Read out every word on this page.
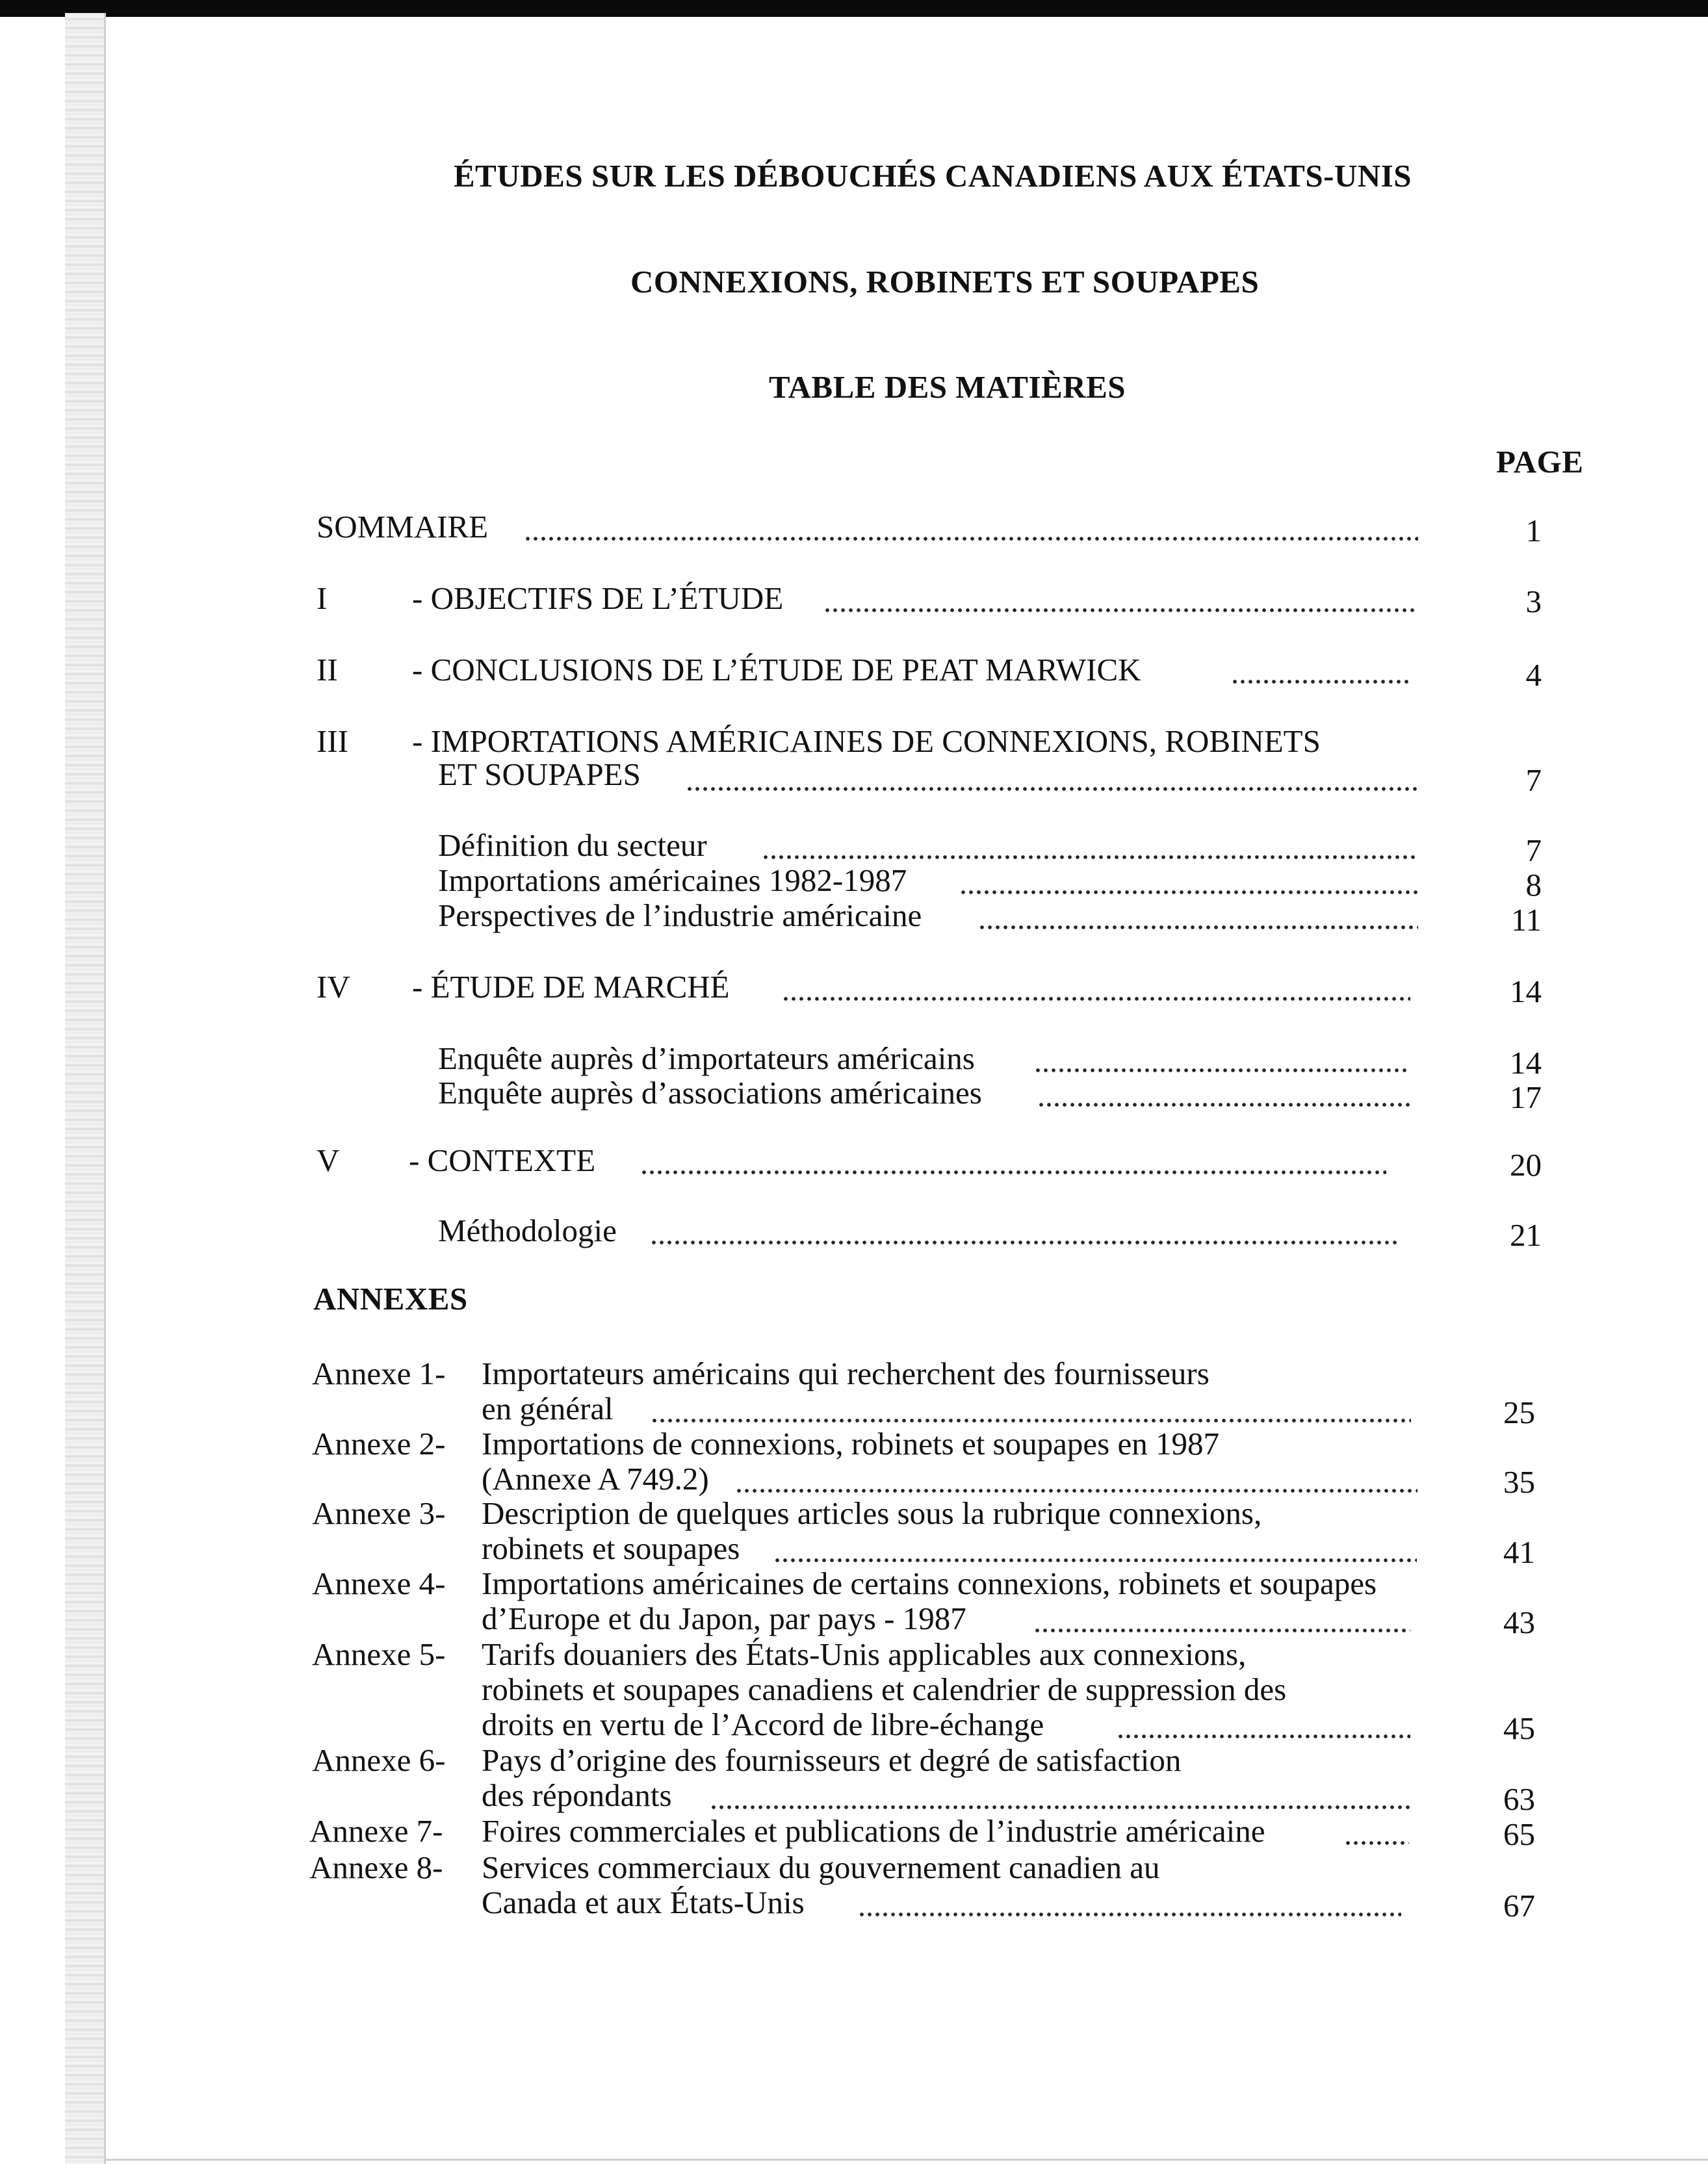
ÉTUDES SUR LES DÉBOUCHÉS CANADIENS AUX ÉTATS-UNIS
CONNEXIONS, ROBINETS ET SOUPAPES
TABLE DES MATIÈRES
PAGE
SOMMAIRE	1
I	- OBJECTIFS DE L’ÉTUDE	3
II - CONCLUSIONS DE L’ÉTUDE DE PEAT MARWICK	4
III - IMPORTATIONS AMÉRICAINES DE CONNEXIONS, ROBINETS
ET SOUPAPES	7
Définition du secteur	7
Importations américaines 1982-1987	8
Perspectives de l’industrie américaine	11
IV - ÉTUDE DE MARCHÉ	14
Enquête auprès d’importateurs américains	14
Enquête auprès d’associations américaines	17
V - CONTEXTE	20
Méthodologie	21
ANNEXES
Annexe 1- Importateurs américains qui recherchent des fournisseurs
en général	25
Annexe 2- Importations de connexions, robinets et soupapes en 1987
(Annexe A 749.2)	35
Annexe 3- Description de quelques articles sous la rubrique connexions,
robinets et soupapes	41
Annexe 4- Importations américaines de certains connexions, robinets et soupapes
d’Europe et du Japon, par pays - 1987	43
Annexe 5- Tarifs douaniers des États-Unis applicables aux connexions,
robinets et soupapes canadiens et calendrier de suppression des
droits en vertu de l’Accord de libre-échange	45
Annexe 6- Pays d’origine des fournisseurs et degré de satisfaction
des répondants	63
Annexe 7- Foires commerciales et publications de l’industrie américaine	65
Annexe 8- Services commerciaux du gouvernement canadien au
Canada et aux États-Unis	67
